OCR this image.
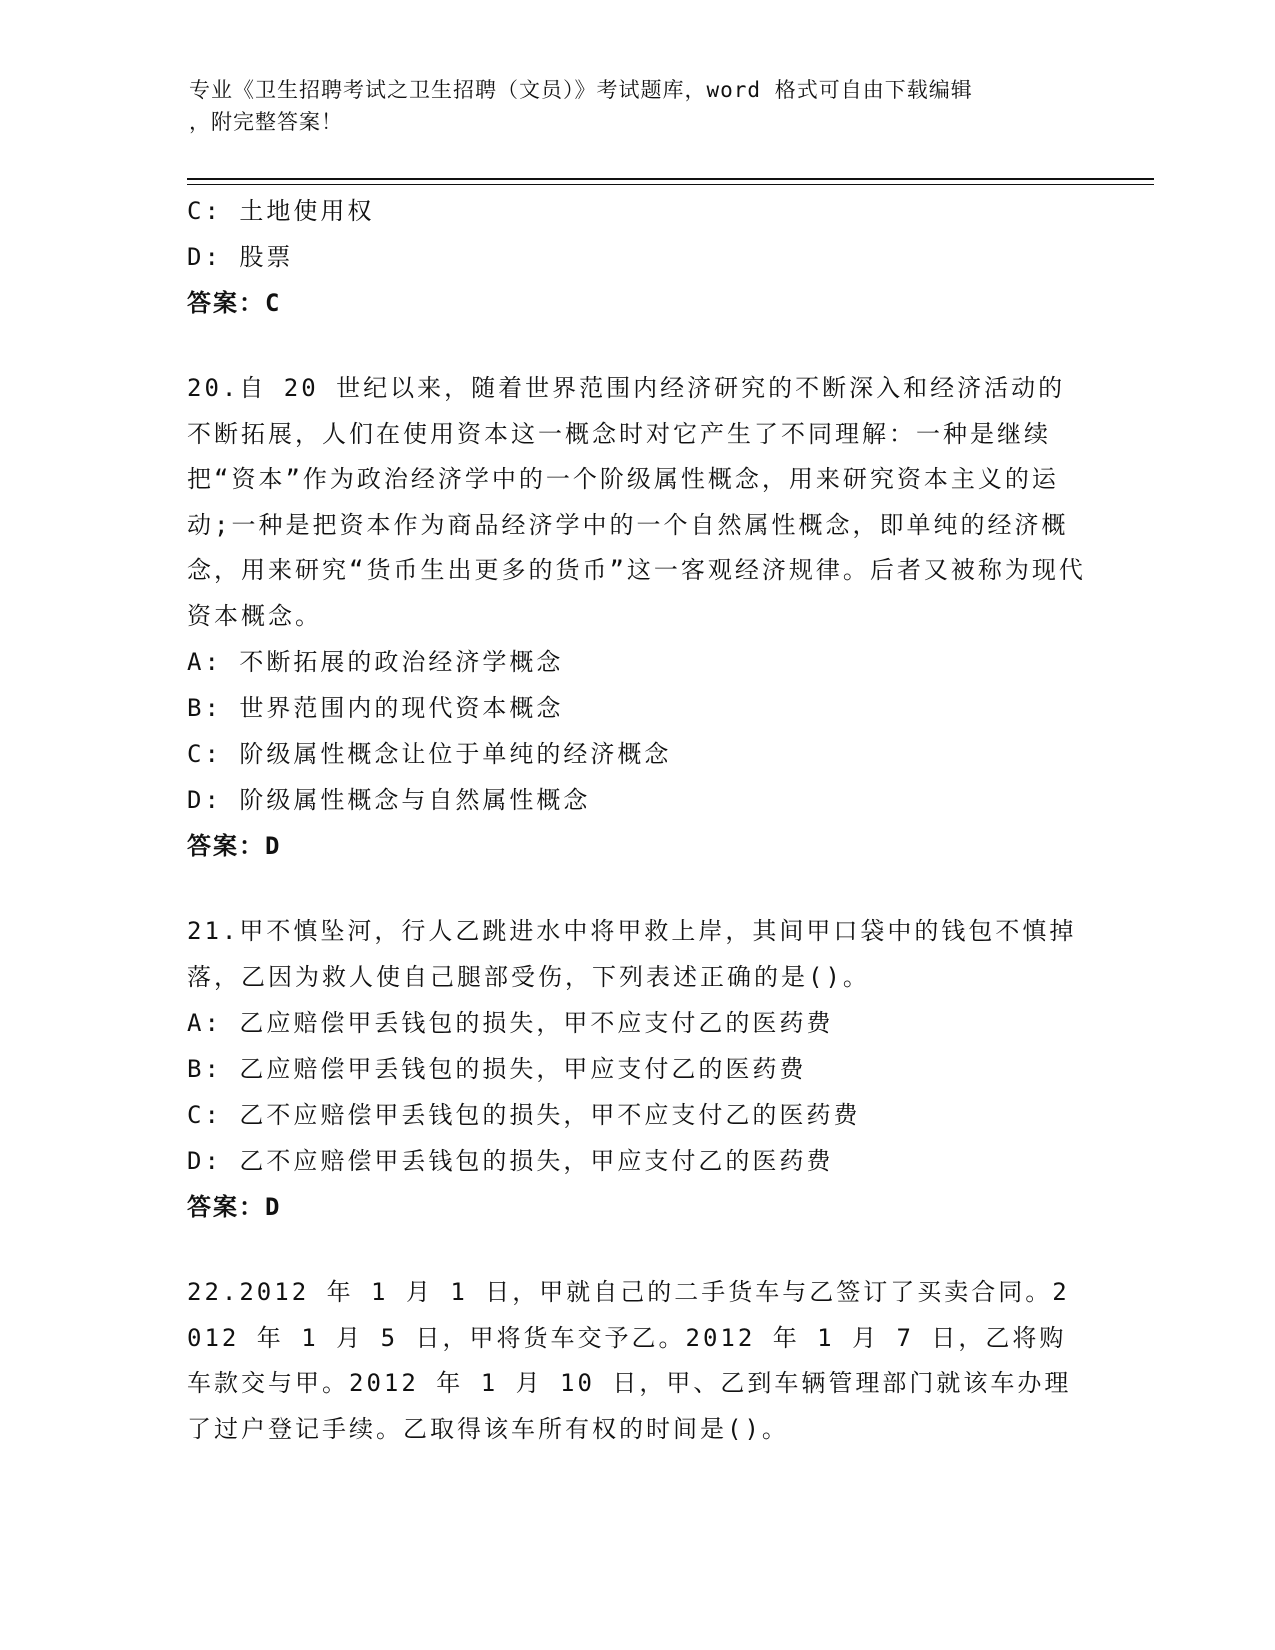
专业《卫生招聘考试之卫生招聘（文员）》考试题库，word 格式可自由下载编辑
，附完整答案！
C: 土地使用权
D: 股票
答案：C
20.自 20 世纪以来，随着世界范围内经济研究的不断深入和经济活动的不断拓展，人们在使用资本这一概念时对它产生了不同理解：一种是继续把“资本”作为政治经济学中的一个阶级属性概念，用来研究资本主义的运动;一种是把资本作为商品经济学中的一个自然属性概念，即单纯的经济概念，用来研究“货币生出更多的货币”这一客观经济规律。后者又被称为现代资本概念。
A: 不断拓展的政治经济学概念
B: 世界范围内的现代资本概念
C: 阶级属性概念让位于单纯的经济概念
D: 阶级属性概念与自然属性概念
答案：D
21.甲不慎坠河，行人乙跳进水中将甲救上岸，其间甲口袋中的钱包不慎掉落，乙因为救人使自己腿部受伤，下列表述正确的是()。
A: 乙应赔偿甲丢钱包的损失，甲不应支付乙的医药费
B: 乙应赔偿甲丢钱包的损失，甲应支付乙的医药费
C: 乙不应赔偿甲丢钱包的损失，甲不应支付乙的医药费
D: 乙不应赔偿甲丢钱包的损失，甲应支付乙的医药费
答案：D
22.2012 年 1 月 1 日，甲就自己的二手货车与乙签订了买卖合同。2012 年 1 月 5 日，甲将货车交予乙。2012 年 1 月 7 日，乙将购车款交与甲。2012 年 1 月 10 日，甲、乙到车辆管理部门就该车办理了过户登记手续。乙取得该车所有权的时间是()。
